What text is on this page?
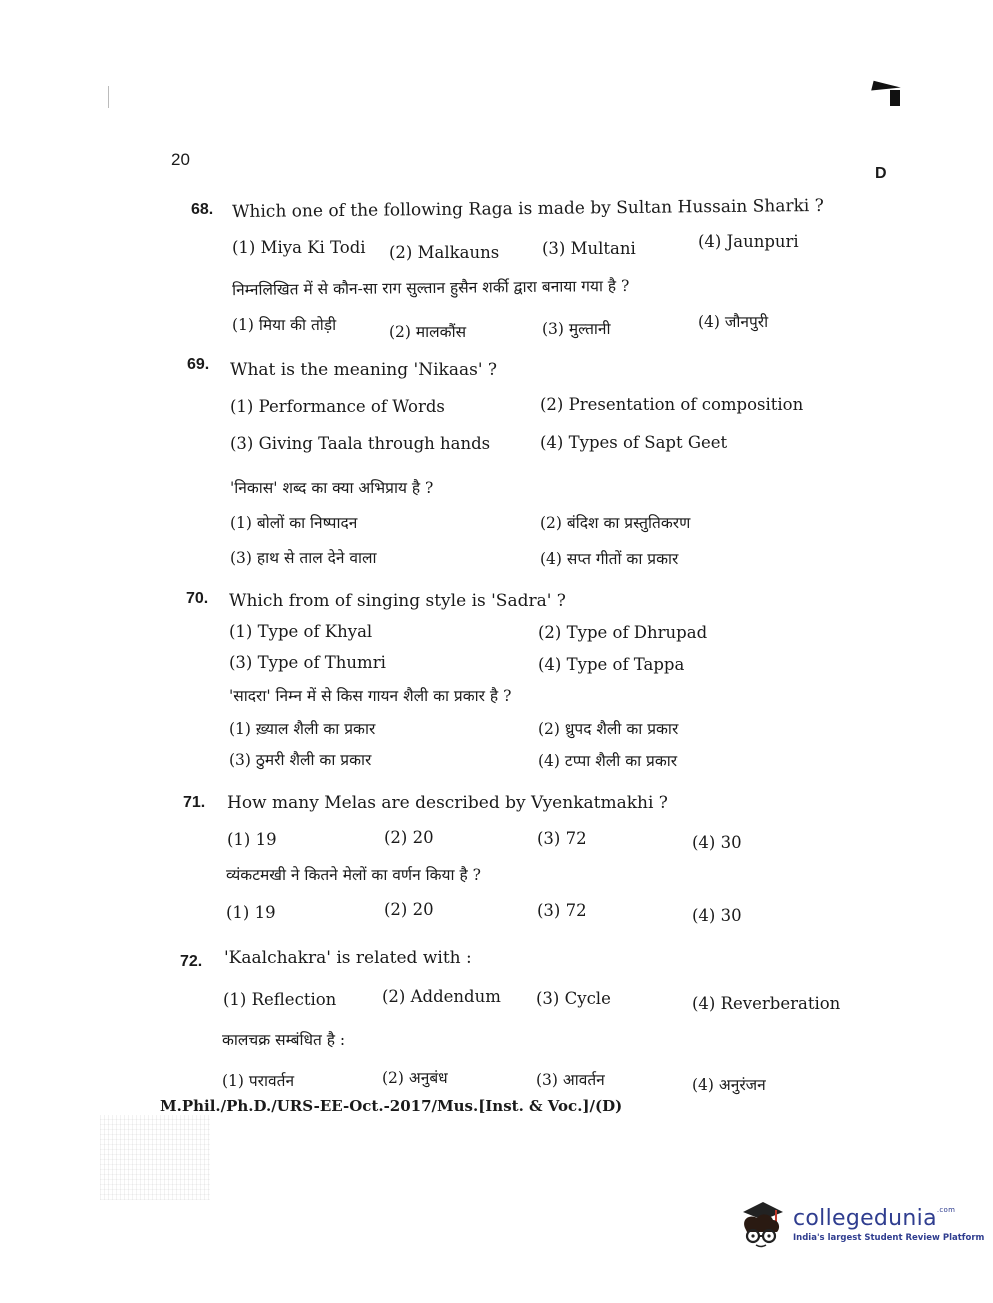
20
D
68. Which one of the following Raga is made by Sultan Hussain Sharki ?
(1) Miya Ki Todi (2) Malkauns	(3) Multani	(4) Jaunpuri
निम्नलिखित में से कौन-सा राग सुल्तान हुसैन शर्की द्वारा बनाया गया है ?
(1) मिया की तोड़ी	(2) मालकौंस	(3) मुल्तानी	(4) जौनपुरी
69. What is the meaning 'Nikaas' ?
(1) Performance of Words	(2) Presentation of composition
(3) Giving Taala through hands	(4) Types of Sapt Geet
'निकास' शब्द का क्या अभिप्राय है ?
(1) बोलों का निष्पादन	(2) बंदिश का प्रस्तुतिकरण
(3) हाथ से ताल देने वाला	(4) सप्त गीतों का प्रकार
70. Which from of singing style is 'Sadra' ?
(1) Type of Khyal	(2) Type of Dhrupad
(3) Type of Thumri	(4) Type of Tappa
'सादरा' निम्न में से किस गायन शैली का प्रकार है ?
(1) ख़्याल शैली का प्रकार	(2) ध्रुपद शैली का प्रकार
(3) ठुमरी शैली का प्रकार	(4) टप्पा शैली का प्रकार
71. How many Melas are described by Vyenkatmakhi ?
(1) 19	(2) 20	(3) 72	(4) 30
व्यंकटमखी ने कितने मेलों का वर्णन किया है ?
(1) 19	(2) 20	(3) 72	(4) 30
72. 'Kaalchakra' is related with :
(1) Reflection	(2) Addendum (3) Cycle	(4) Reverberation
कालचक्र सम्बंधित है :
(1) परावर्तन	(2) अनुबंध	(3) आवर्तन	(4) अनुरंजन
M.Phil./Ph.D./URS-EE-Oct.-2017/Mus.[Inst. & Voc.]/(D)
collegedunia$^{.com}$
India's largest Student Review Platform
